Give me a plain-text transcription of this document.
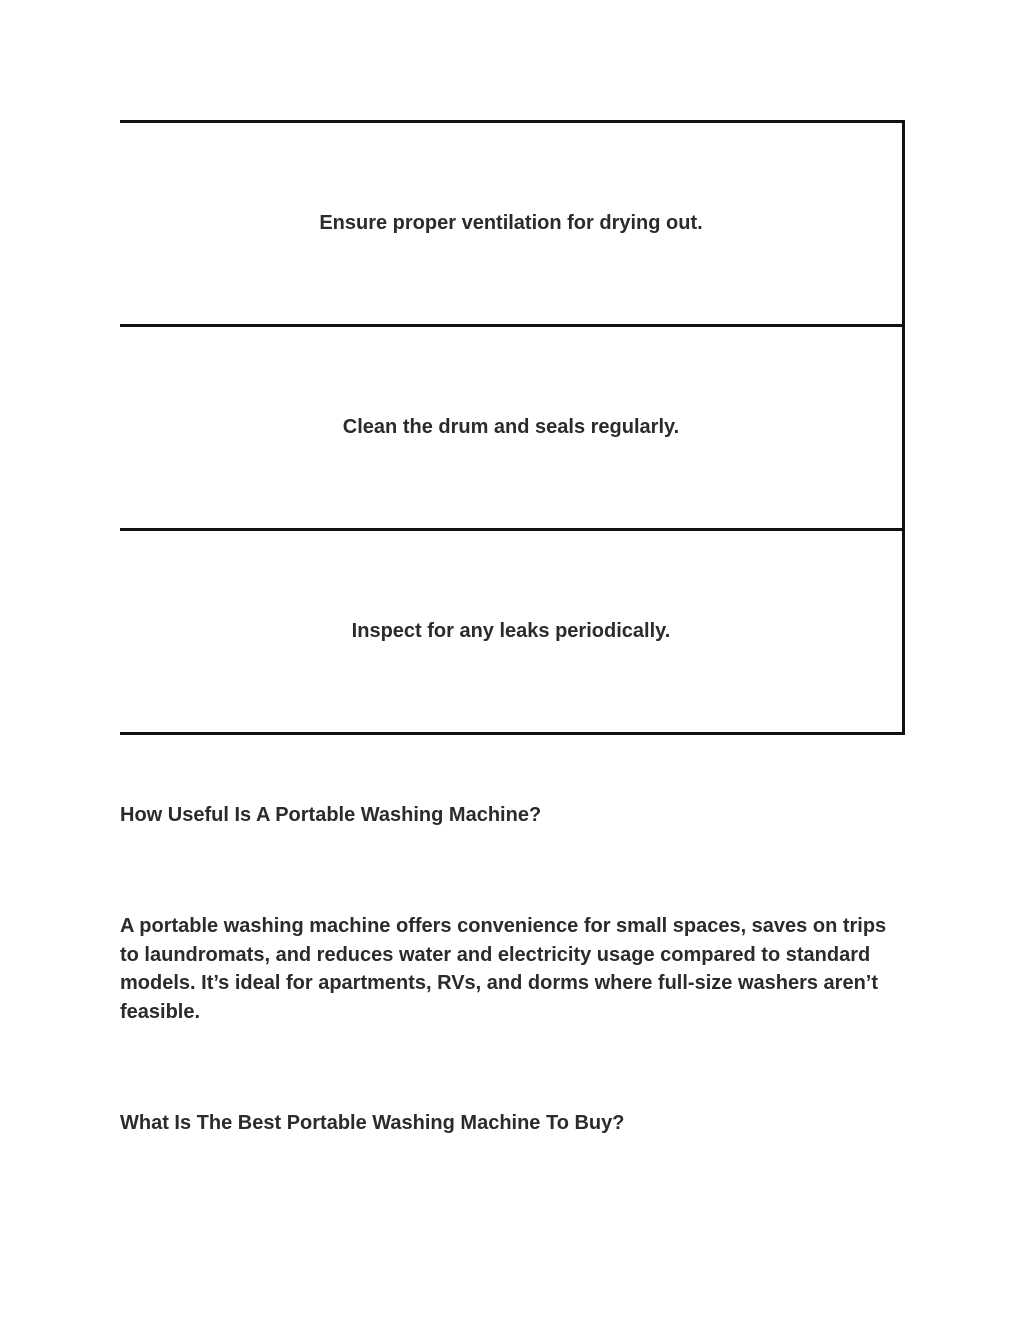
Ensure proper ventilation for drying out.
Clean the drum and seals regularly.
Inspect for any leaks periodically.
How Useful Is A Portable Washing Machine?

A portable washing machine offers convenience for small spaces, saves on trips to laundromats, and reduces water and electricity usage compared to standard models. It’s ideal for apartments, RVs, and dorms where full-size washers aren’t feasible.

What Is The Best Portable Washing Machine To Buy?
